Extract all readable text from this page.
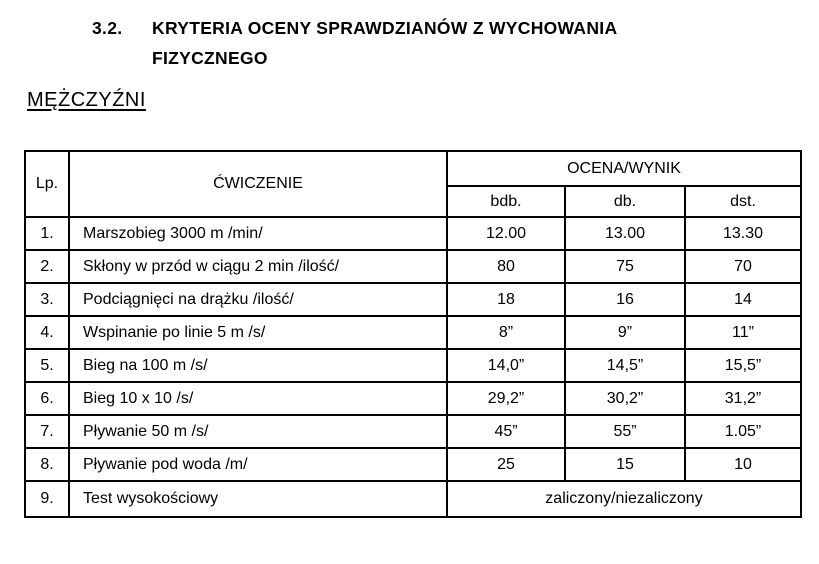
3.2.	KRYTERIA OCENY SPRAWDZIANÓW Z WYCHOWANIA
FIZYCZNEGO
MĘŻCZYŹNI
Lp.	ĆWICZENIE	OCENA/WYNIK		
		bdb.	db.	dst.
1.	Marszobieg 3000 m /min/	12.00	13.00	13.30
2.	Skłony w przód w ciągu 2 min /ilość/	80	75	70
3.	Podciągnięci na drążku /ilość/	18	16	14
4.	Wspinanie po linie 5 m /s/	8”	9”	11”
5.	Bieg na 100 m /s/	14,0”	14,5”	15,5”
6.	Bieg 10 x 10 /s/	29,2”	30,2”	31,2”
7.	Pływanie 50 m /s/	45”	55”	1.05”
8.	Pływanie pod woda /m/	25	15	10
9.	Test wysokościowy	zaliczony/niezaliczony		
